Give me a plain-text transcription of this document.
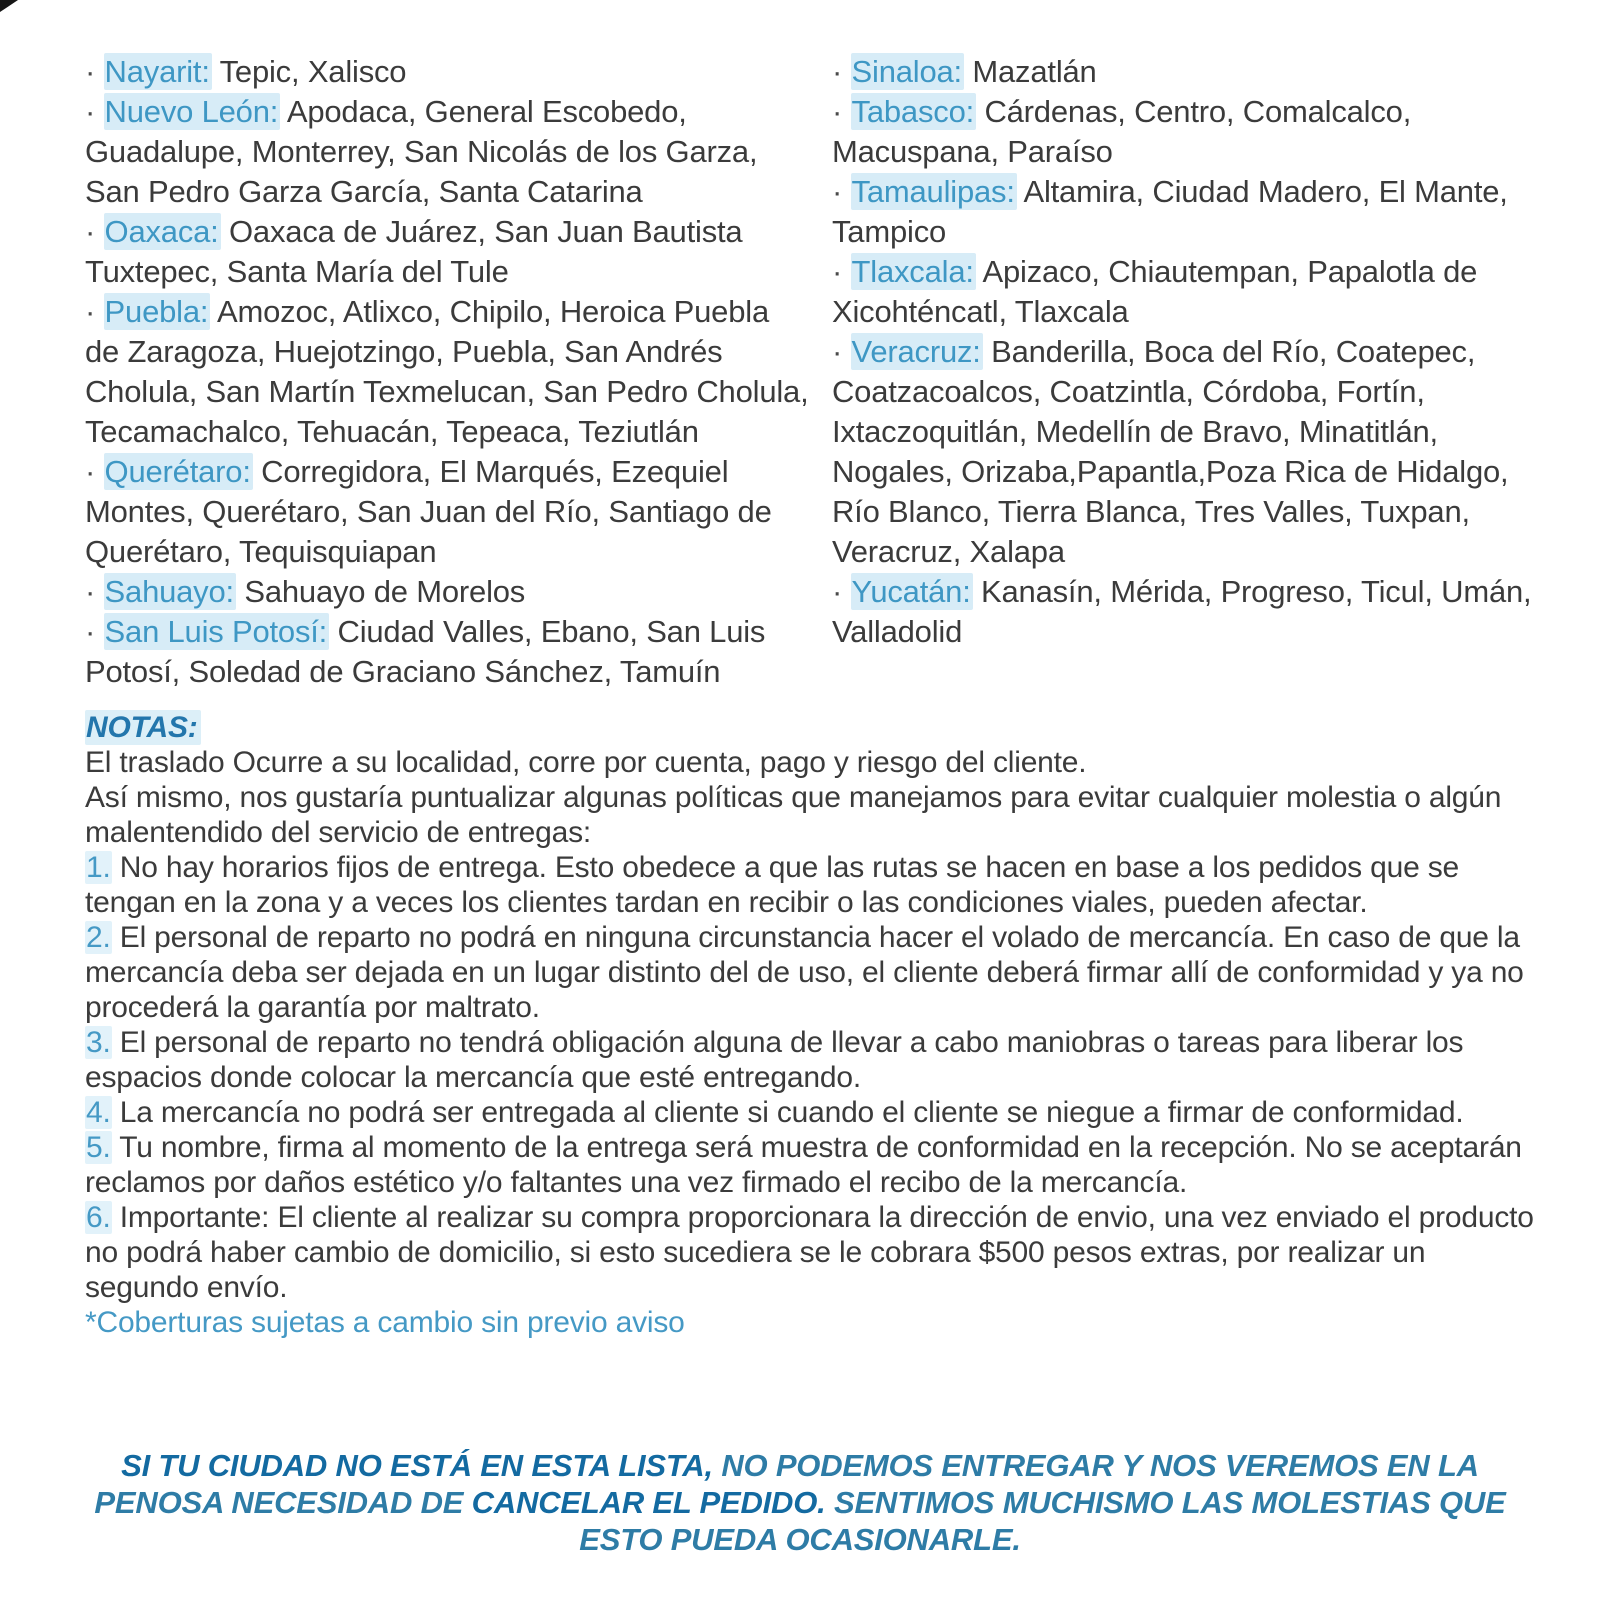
· Nayarit: Tepic, Xalisco
· Nuevo León: Apodaca, General Escobedo, Guadalupe, Monterrey, San Nicolás de los Garza, San Pedro Garza García, Santa Catarina
· Oaxaca: Oaxaca de Juárez, San Juan Bautista Tuxtepec, Santa María del Tule
· Puebla: Amozoc, Atlixco, Chipilo, Heroica Puebla de Zaragoza, Huejotzingo, Puebla, San Andrés Cholula, San Martín Texmelucan, San Pedro Cholula, Tecamachalco, Tehuacán, Tepeaca, Teziutlán
· Querétaro: Corregidora, El Marqués, Ezequiel Montes, Querétaro, San Juan del Río, Santiago de Querétaro, Tequisquiapan
· Sahuayo: Sahuayo de Morelos
· San Luis Potosí: Ciudad Valles, Ebano, San Luis Potosí, Soledad de Graciano Sánchez, Tamuín
· Sinaloa: Mazatlán
· Tabasco: Cárdenas, Centro, Comalcalco, Macuspana, Paraíso
· Tamaulipas: Altamira, Ciudad Madero, El Mante, Tampico
· Tlaxcala: Apizaco, Chiautempan, Papalotla de Xicohténcatl, Tlaxcala
· Veracruz: Banderilla, Boca del Río, Coatepec, Coatzacoalcos, Coatzintla, Córdoba, Fortín, Ixtaczoquitlán, Medellín de Bravo, Minatitlán, Nogales, Orizaba,Papantla,Poza Rica de Hidalgo, Río Blanco, Tierra Blanca, Tres Valles, Tuxpan, Veracruz, Xalapa
· Yucatán: Kanasín, Mérida, Progreso, Ticul, Umán, Valladolid
NOTAS:
El traslado Ocurre a su localidad, corre por cuenta, pago y riesgo del cliente.
Así mismo, nos gustaría puntualizar algunas políticas que manejamos para evitar cualquier molestia o algún malentendido del servicio de entregas:
1. No hay horarios fijos de entrega. Esto obedece a que las rutas se hacen en base a los pedidos que se tengan en la zona y a veces los clientes tardan en recibir o las condiciones viales, pueden afectar.
2. El personal de reparto no podrá en ninguna circunstancia hacer el volado de mercancía. En caso de que la mercancía deba ser dejada en un lugar distinto del de uso, el cliente deberá firmar allí de conformidad y ya no procederá la garantía por maltrato.
3. El personal de reparto no tendrá obligación alguna de llevar a cabo maniobras o tareas para liberar los espacios donde colocar la mercancía que esté entregando.
4. La mercancía no podrá ser entregada al cliente si cuando el cliente se niegue a firmar de conformidad.
5. Tu nombre, firma al momento de la entrega será muestra de conformidad en la recepción. No se aceptarán reclamos por daños estético y/o faltantes una vez firmado el recibo de la mercancía.
6. Importante: El cliente al realizar su compra proporcionara la dirección de envio, una vez enviado el producto no podrá haber cambio de domicilio, si esto sucediera se le cobrara $500 pesos extras, por realizar un segundo envío.
*Coberturas sujetas a cambio sin previo aviso
SI TU CIUDAD NO ESTÁ EN ESTA LISTA, NO PODEMOS ENTREGAR Y NOS VEREMOS EN LA PENOSA NECESIDAD DE CANCELAR EL PEDIDO. SENTIMOS MUCHISMO LAS MOLESTIAS QUE ESTO PUEDA OCASIONARLE.
